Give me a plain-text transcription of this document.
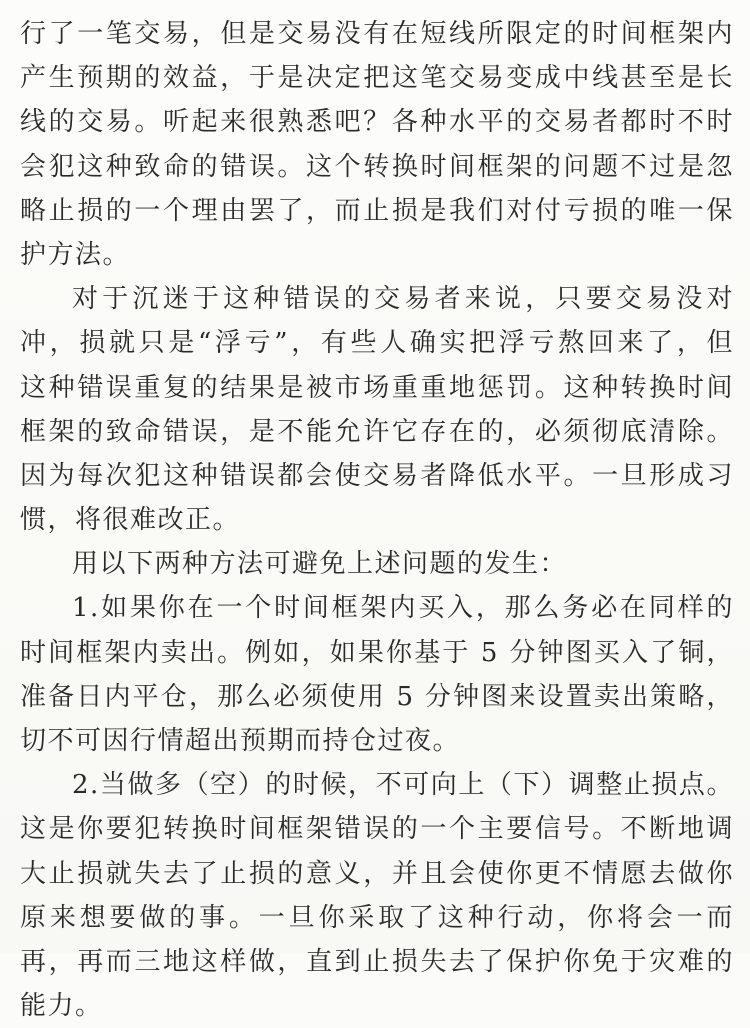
行了一笔交易，但是交易没有在短线所限定的时间框架内
产生预期的效益，于是决定把这笔交易变成中线甚至是长
线的交易。听起来很熟悉吧？各种水平的交易者都时不时
会犯这种致命的错误。这个转换时间框架的问题不过是忽
略止损的一个理由罢了，而止损是我们对付亏损的唯一保
护方法。
对于沉迷于这种错误的交易者来说，只要交易没对
冲，损就只是“浮亏”，有些人确实把浮亏熬回来了，但
这种错误重复的结果是被市场重重地惩罚。这种转换时间
框架的致命错误，是不能允许它存在的，必须彻底清除。
因为每次犯这种错误都会使交易者降低水平。一旦形成习
惯，将很难改正。
用以下两种方法可避免上述问题的发生：
1.如果你在一个时间框架内买入，那么务必在同样的
时间框架内卖出。例如，如果你基于 5 分钟图买入了铜，
准备日内平仓，那么必须使用 5 分钟图来设置卖出策略，
切不可因行情超出预期而持仓过夜。
2.当做多（空）的时候，不可向上（下）调整止损点。
这是你要犯转换时间框架错误的一个主要信号。不断地调
大止损就失去了止损的意义，并且会使你更不情愿去做你
原来想要做的事。一旦你采取了这种行动，你将会一而
再，再而三地这样做，直到止损失去了保护你免于灾难的
能力。
